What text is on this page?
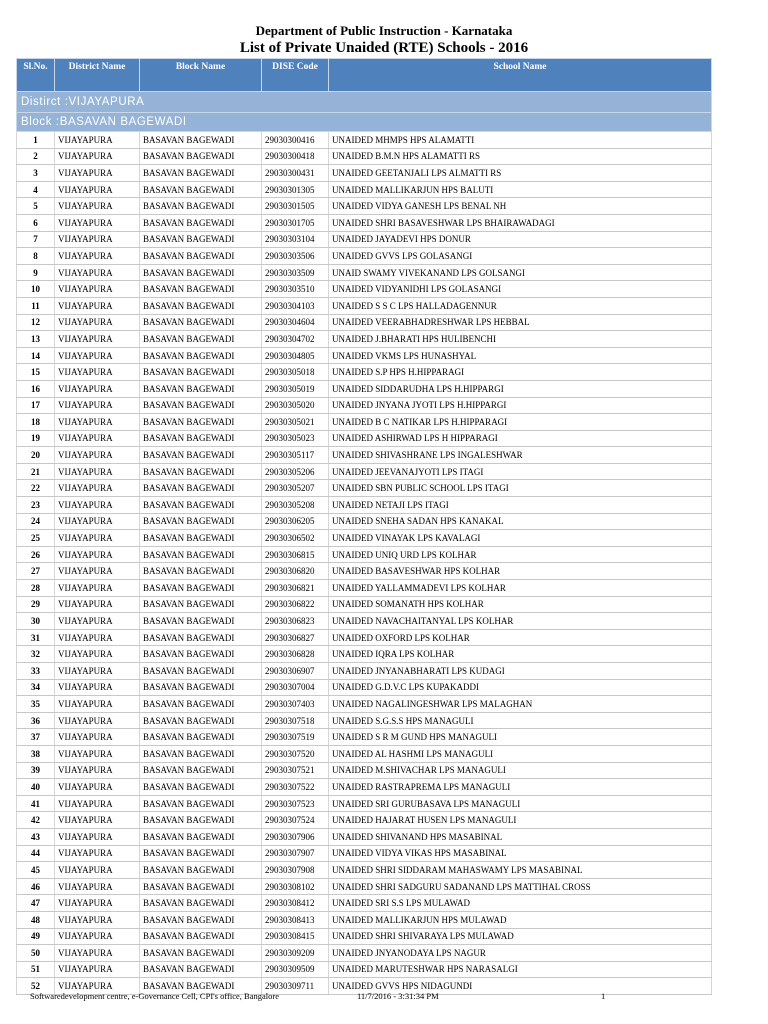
Department of Public Instruction - Karnataka
List of Private Unaided (RTE) Schools - 2016
Sl.No.	District Name	Block Name	DISE Code	School Name
Distirct :VIJAYAPURA				
Block :BASAVAN BAGEWADI				
1	VIJAYAPURA	BASAVAN BAGEWADI	29030300416	UNAIDED MHMPS HPS ALAMATTI
2	VIJAYAPURA	BASAVAN BAGEWADI	29030300418	UNAIDED B.M.N HPS ALAMATTI RS
3	VIJAYAPURA	BASAVAN BAGEWADI	29030300431	UNAIDED GEETANJALI LPS ALMATTI RS
4	VIJAYAPURA	BASAVAN BAGEWADI	29030301305	UNAIDED MALLIKARJUN HPS BALUTI
5	VIJAYAPURA	BASAVAN BAGEWADI	29030301505	UNAIDED VIDYA GANESH LPS BENAL NH
6	VIJAYAPURA	BASAVAN BAGEWADI	29030301705	UNAIDED SHRI BASAVESHWAR LPS BHAIRAWADAGI
7	VIJAYAPURA	BASAVAN BAGEWADI	29030303104	UNAIDED JAYADEVI HPS DONUR
8	VIJAYAPURA	BASAVAN BAGEWADI	29030303506	UNAIDED GVVS LPS GOLASANGI
9	VIJAYAPURA	BASAVAN BAGEWADI	29030303509	UNAID SWAMY VIVEKANAND LPS GOLSANGI
10	VIJAYAPURA	BASAVAN BAGEWADI	29030303510	UNAIDED VIDYANIDHI LPS GOLASANGI
11	VIJAYAPURA	BASAVAN BAGEWADI	29030304103	UNAIDED S S C LPS HALLADAGENNUR
12	VIJAYAPURA	BASAVAN BAGEWADI	29030304604	UNAIDED VEERABHADRESHWAR LPS HEBBAL
13	VIJAYAPURA	BASAVAN BAGEWADI	29030304702	UNAIDED J.BHARATI HPS HULIBENCHI
14	VIJAYAPURA	BASAVAN BAGEWADI	29030304805	UNAIDED VKMS LPS HUNASHYAL
15	VIJAYAPURA	BASAVAN BAGEWADI	29030305018	UNAIDED S.P HPS H.HIPPARAGI
16	VIJAYAPURA	BASAVAN BAGEWADI	29030305019	UNAIDED SIDDARUDHA LPS H.HIPPARGI
17	VIJAYAPURA	BASAVAN BAGEWADI	29030305020	UNAIDED JNYANA JYOTI LPS H.HIPPARGI
18	VIJAYAPURA	BASAVAN BAGEWADI	29030305021	UNAIDED B C NATIKAR LPS H.HIPPARAGI
19	VIJAYAPURA	BASAVAN BAGEWADI	29030305023	UNAIDED ASHIRWAD LPS H HIPPARAGI
20	VIJAYAPURA	BASAVAN BAGEWADI	29030305117	UNAIDED SHIVASHRANE LPS INGALESHWAR
21	VIJAYAPURA	BASAVAN BAGEWADI	29030305206	UNAIDED JEEVANAJYOTI LPS ITAGI
22	VIJAYAPURA	BASAVAN BAGEWADI	29030305207	UNAIDED SBN PUBLIC SCHOOL LPS ITAGI
23	VIJAYAPURA	BASAVAN BAGEWADI	29030305208	UNAIDED NETAJI LPS ITAGI
24	VIJAYAPURA	BASAVAN BAGEWADI	29030306205	UNAIDED SNEHA SADAN HPS KANAKAL
25	VIJAYAPURA	BASAVAN BAGEWADI	29030306502	UNAIDED VINAYAK LPS KAVALAGI
26	VIJAYAPURA	BASAVAN BAGEWADI	29030306815	UNAIDED UNIQ URD LPS KOLHAR
27	VIJAYAPURA	BASAVAN BAGEWADI	29030306820	UNAIDED BASAVESHWAR HPS KOLHAR
28	VIJAYAPURA	BASAVAN BAGEWADI	29030306821	UNAIDED YALLAMMADEVI LPS KOLHAR
29	VIJAYAPURA	BASAVAN BAGEWADI	29030306822	UNAIDED SOMANATH HPS KOLHAR
30	VIJAYAPURA	BASAVAN BAGEWADI	29030306823	UNAIDED NAVACHAITANYAL LPS KOLHAR
31	VIJAYAPURA	BASAVAN BAGEWADI	29030306827	UNAIDED OXFORD LPS KOLHAR
32	VIJAYAPURA	BASAVAN BAGEWADI	29030306828	UNAIDED IQRA LPS KOLHAR
33	VIJAYAPURA	BASAVAN BAGEWADI	29030306907	UNAIDED JNYANABHARATI LPS KUDAGI
34	VIJAYAPURA	BASAVAN BAGEWADI	29030307004	UNAIDED G.D.V.C LPS KUPAKADDI
35	VIJAYAPURA	BASAVAN BAGEWADI	29030307403	UNAIDED NAGALINGESHWAR LPS MALAGHAN
36	VIJAYAPURA	BASAVAN BAGEWADI	29030307518	UNAIDED S.G.S.S HPS MANAGULI
37	VIJAYAPURA	BASAVAN BAGEWADI	29030307519	UNAIDED S R M GUND HPS MANAGULI
38	VIJAYAPURA	BASAVAN BAGEWADI	29030307520	UNAIDED AL HASHMI LPS MANAGULI
39	VIJAYAPURA	BASAVAN BAGEWADI	29030307521	UNAIDED M.SHIVACHAR LPS MANAGULI
40	VIJAYAPURA	BASAVAN BAGEWADI	29030307522	UNAIDED RASTRAPREMA LPS MANAGULI
41	VIJAYAPURA	BASAVAN BAGEWADI	29030307523	UNAIDED SRI GURUBASAVA LPS MANAGULI
42	VIJAYAPURA	BASAVAN BAGEWADI	29030307524	UNAIDED HAJARAT HUSEN LPS MANAGULI
43	VIJAYAPURA	BASAVAN BAGEWADI	29030307906	UNAIDED SHIVANAND HPS MASABINAL
44	VIJAYAPURA	BASAVAN BAGEWADI	29030307907	UNAIDED VIDYA VIKAS HPS MASABINAL
45	VIJAYAPURA	BASAVAN BAGEWADI	29030307908	UNAIDED SHRI SIDDARAM MAHASWAMY LPS MASABINAL
46	VIJAYAPURA	BASAVAN BAGEWADI	29030308102	UNAIDED SHRI SADGURU SADANAND LPS MATTIHAL CROSS
47	VIJAYAPURA	BASAVAN BAGEWADI	29030308412	UNAIDED SRI S.S LPS MULAWAD
48	VIJAYAPURA	BASAVAN BAGEWADI	29030308413	UNAIDED MALLIKARJUN HPS MULAWAD
49	VIJAYAPURA	BASAVAN BAGEWADI	29030308415	UNAIDED SHRI SHIVARAYA LPS MULAWAD
50	VIJAYAPURA	BASAVAN BAGEWADI	29030309209	UNAIDED JNYANODAYA LPS NAGUR
51	VIJAYAPURA	BASAVAN BAGEWADI	29030309509	UNAIDED MARUTESHWAR HPS NARASALGI
52	VIJAYAPURA	BASAVAN BAGEWADI	29030309711	UNAIDED GVVS HPS NIDAGUNDI
Softwaredevelopment centre, e-Governance Cell, CPI's office, Bangalore	11/7/2016 - 3:31:34 PM	1
